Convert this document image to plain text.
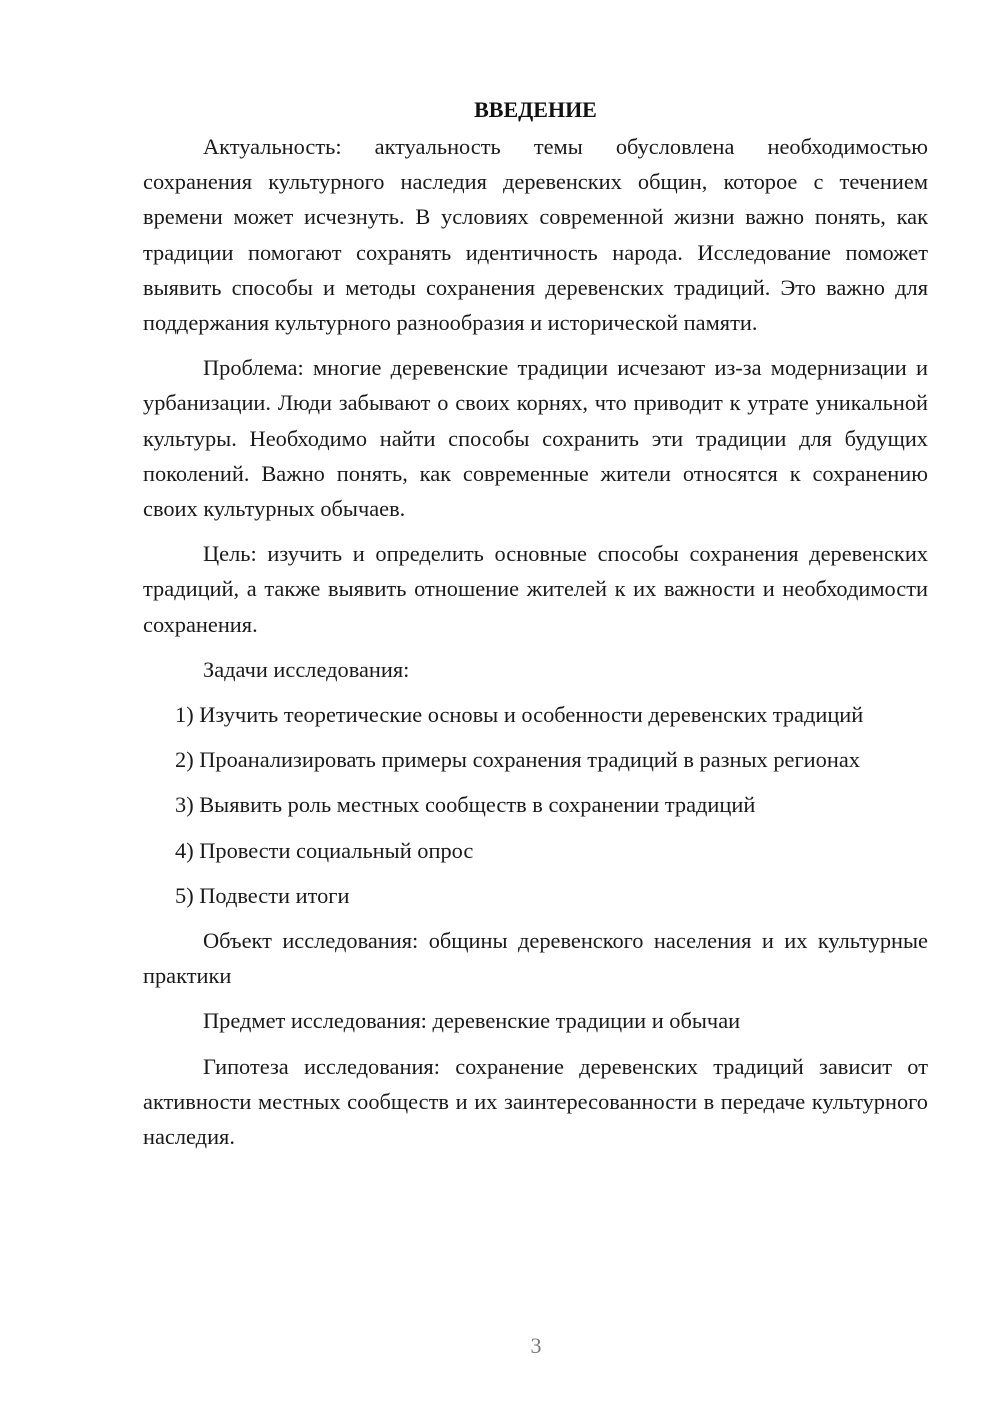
ВВЕДЕНИЕ

Актуальность: актуальность темы обусловлена необходимостью сохранения культурного наследия деревенских общин, которое с течением времени может исчезнуть. В условиях современной жизни важно понять, как традиции помогают сохранять идентичность народа. Исследование поможет выявить способы и методы сохранения деревенских традиций. Это важно для поддержания культурного разнообразия и исторической памяти.

Проблема: многие деревенские традиции исчезают из-за модернизации и урбанизации. Люди забывают о своих корнях, что приводит к утрате уникальной культуры. Необходимо найти способы сохранить эти традиции для будущих поколений. Важно понять, как современные жители относятся к сохранению своих культурных обычаев.

Цель: изучить и определить основные способы сохранения деревенских традиций, а также выявить отношение жителей к их важности и необходимости сохранения.

Задачи исследования:

1) Изучить теоретические основы и особенности деревенских традиций

2) Проанализировать примеры сохранения традиций в разных регионах

3) Выявить роль местных сообществ в сохранении традиций

4) Провести социальный опрос

5) Подвести итоги

Объект исследования: общины деревенского населения и их культурные практики

Предмет исследования: деревенские традиции и обычаи

Гипотеза исследования: сохранение деревенских традиций зависит от активности местных сообществ и их заинтересованности в передаче культурного наследия.

3
